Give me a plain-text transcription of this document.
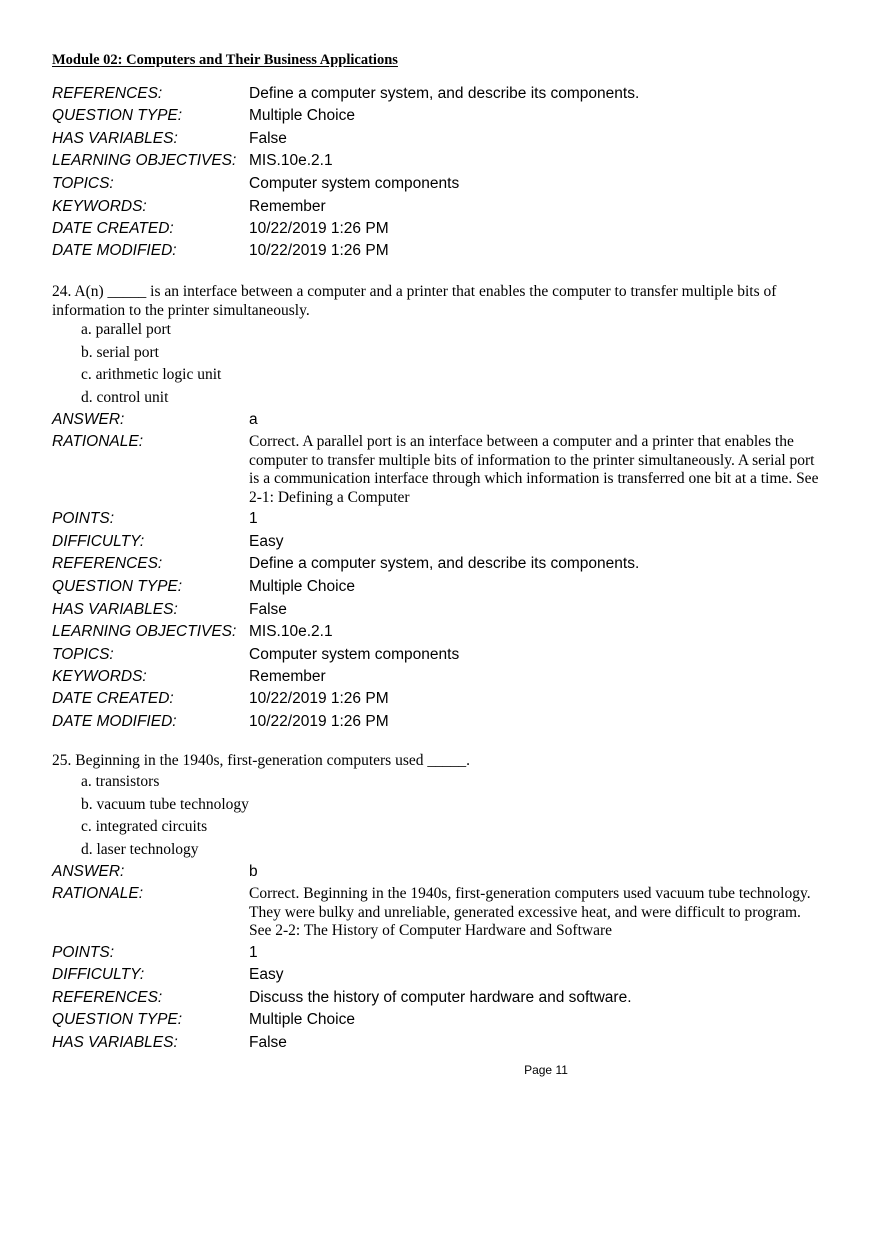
Module 02: Computers and Their Business Applications
REFERENCES:	Define a computer system, and describe its components.
QUESTION TYPE:	Multiple Choice
HAS VARIABLES:	False
LEARNING OBJECTIVES: MIS.10e.2.1
TOPICS:	Computer system components
KEYWORDS:	Remember
DATE CREATED:	10/22/2019 1:26 PM
DATE MODIFIED:	10/22/2019 1:26 PM
24. A(n) _____ is an interface between a computer and a printer that enables the computer to transfer multiple bits of information to the printer simultaneously.
a. parallel port
b. serial port
c. arithmetic logic unit
d. control unit
ANSWER:	a
RATIONALE:	Correct. A parallel port is an interface between a computer and a printer that enables the computer to transfer multiple bits of information to the printer simultaneously. A serial port is a communication interface through which information is transferred one bit at a time. See 2-1: Defining a Computer
POINTS:	1
DIFFICULTY:	Easy
REFERENCES:	Define a computer system, and describe its components.
QUESTION TYPE:	Multiple Choice
HAS VARIABLES:	False
LEARNING OBJECTIVES: MIS.10e.2.1
TOPICS:	Computer system components
KEYWORDS:	Remember
DATE CREATED:	10/22/2019 1:26 PM
DATE MODIFIED:	10/22/2019 1:26 PM
25. Beginning in the 1940s, first-generation computers used _____.
a. transistors
b. vacuum tube technology
c. integrated circuits
d. laser technology
ANSWER:	b
RATIONALE:	Correct. Beginning in the 1940s, first-generation computers used vacuum tube technology. They were bulky and unreliable, generated excessive heat, and were difficult to program. See 2-2: The History of Computer Hardware and Software
POINTS:	1
DIFFICULTY:	Easy
REFERENCES:	Discuss the history of computer hardware and software.
QUESTION TYPE:	Multiple Choice
HAS VARIABLES:	False
Page 11
